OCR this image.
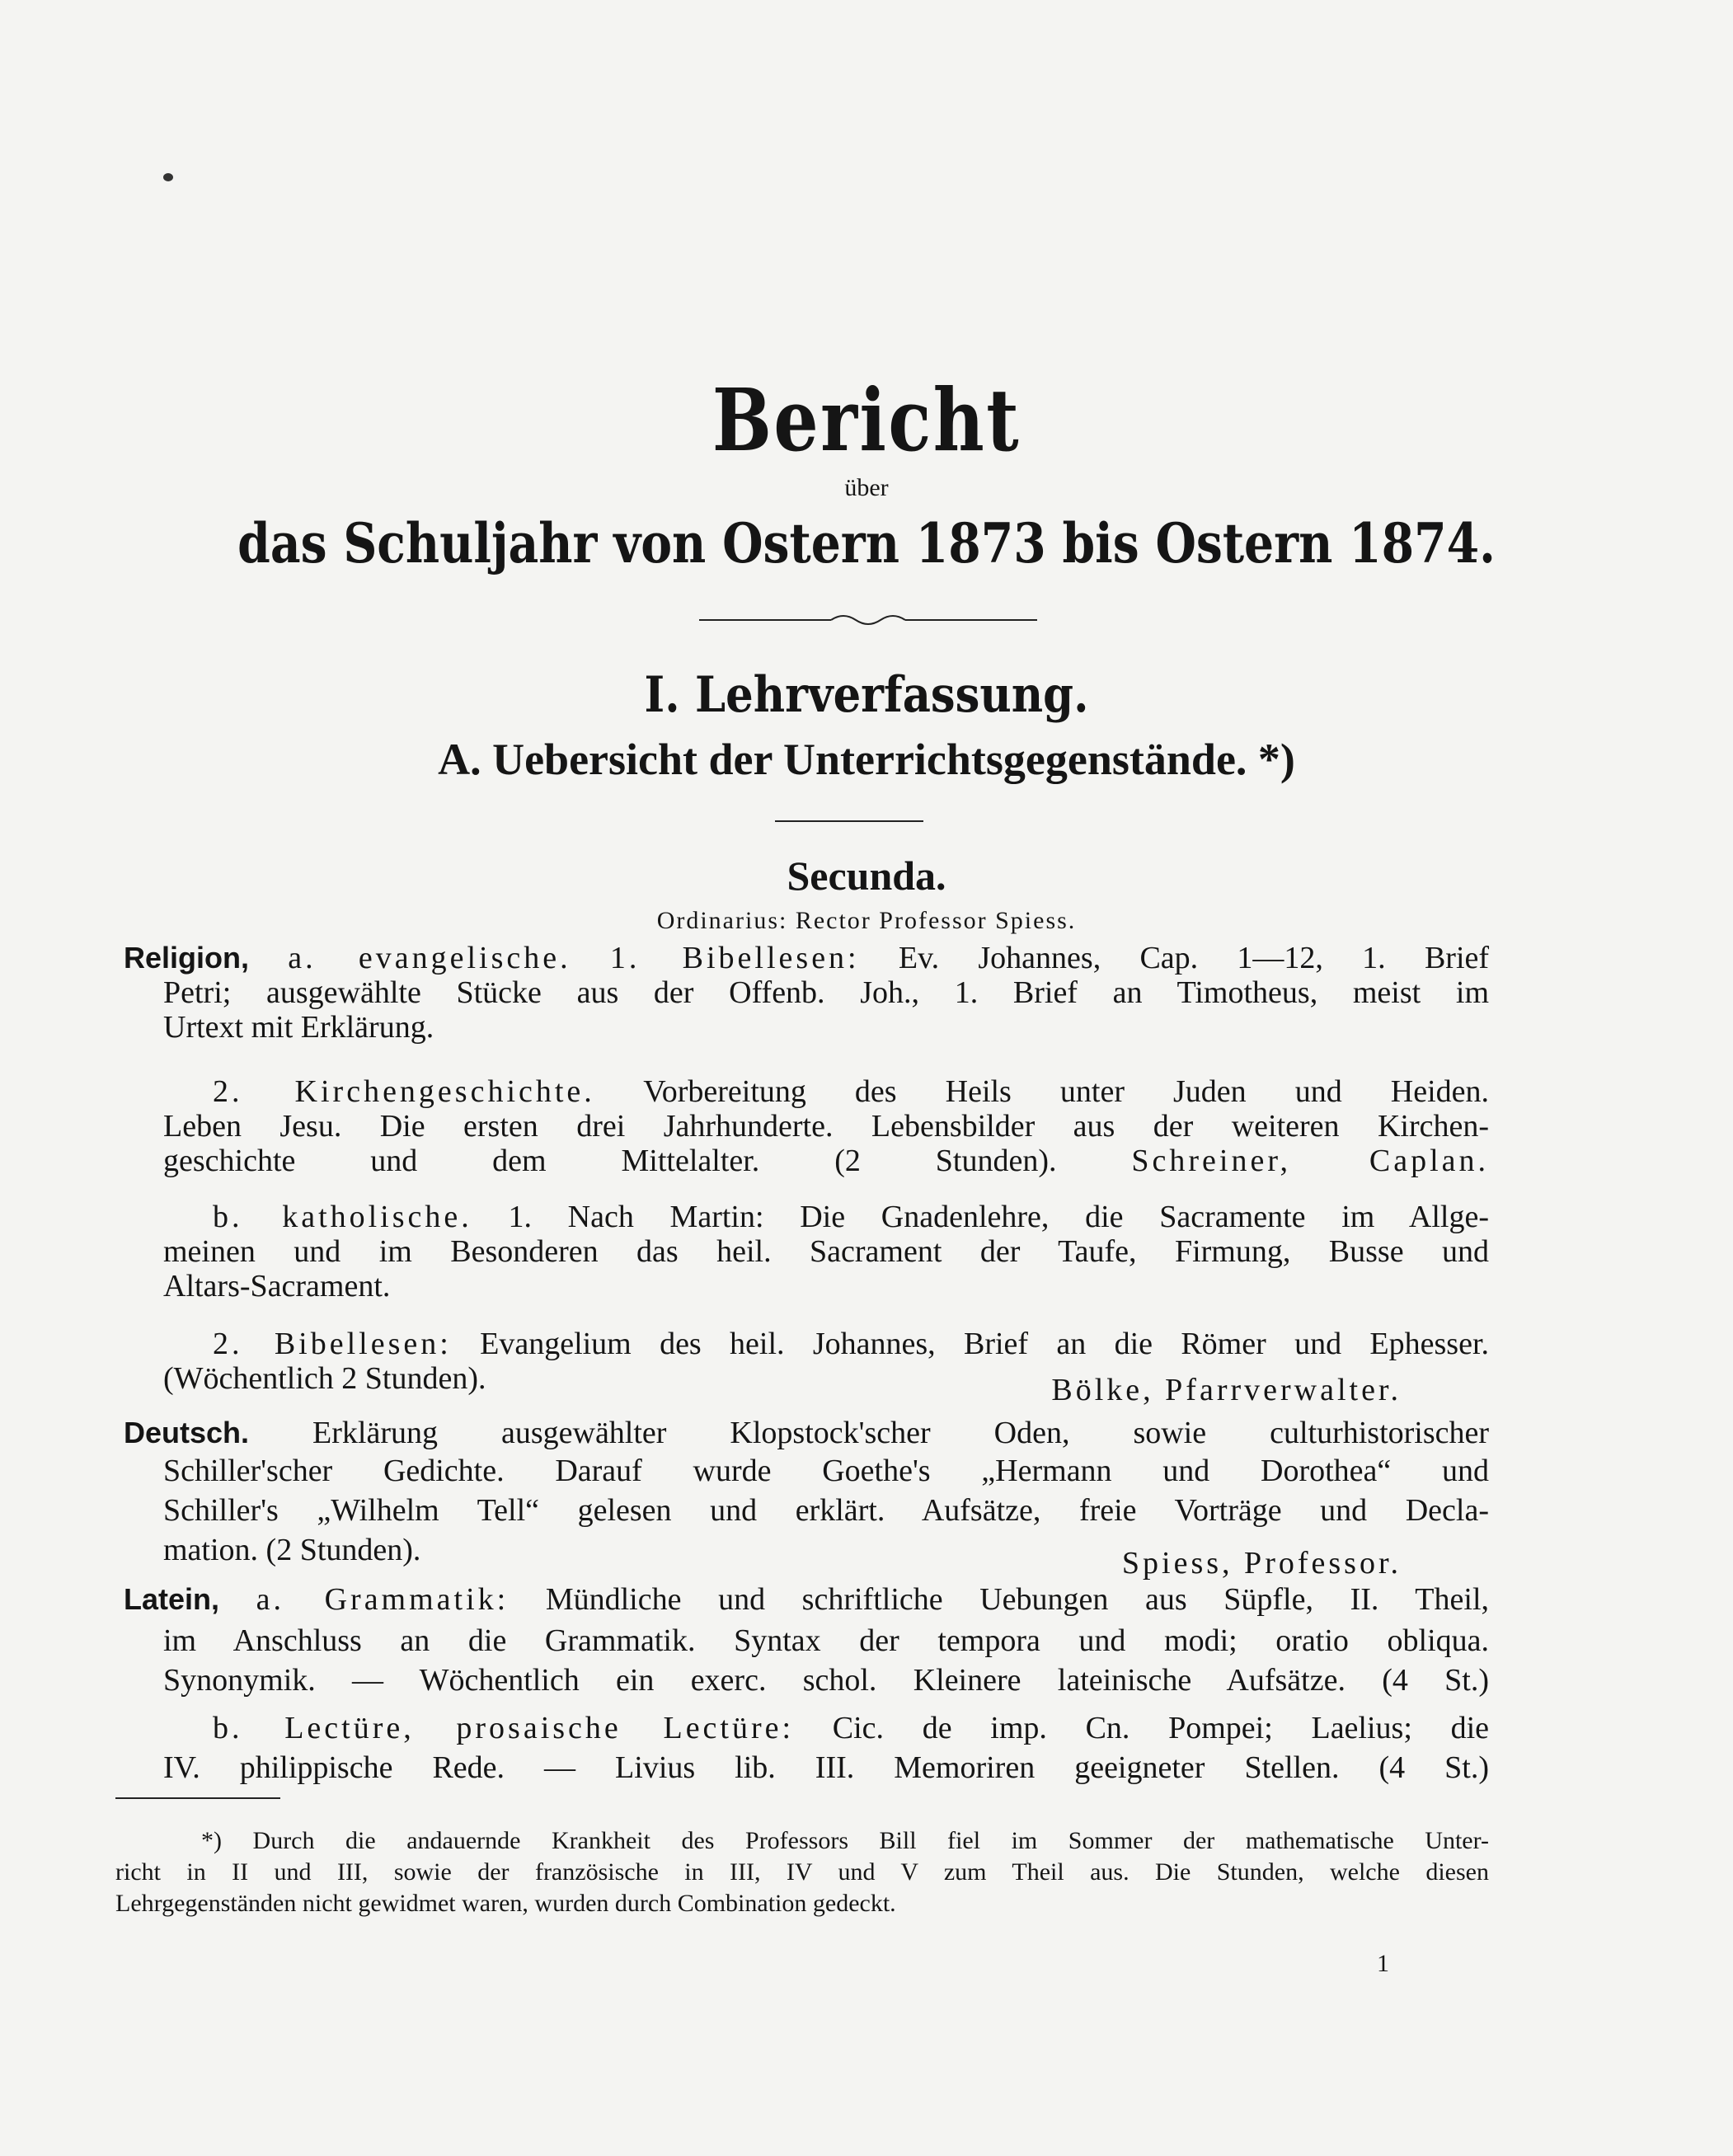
Bericht
über
das Schuljahr von Ostern 1873 bis Ostern 1874.
I. Lehrverfassung.
A. Uebersicht der Unterrichtsgegenstände. *)
Secunda.
Ordinarius: Rector Professor Spiess.
Religion, a. evangelische. 1. Bibellesen: Ev. Johannes, Cap. 1—12, 1. Brief
Petri; ausgewählte Stücke aus der Offenb. Joh., 1. Brief an Timotheus, meist im
Urtext mit Erklärung.
2. Kirchengeschichte. Vorbereitung des Heils unter Juden und Heiden.
Leben Jesu. Die ersten drei Jahrhunderte. Lebensbilder aus der weiteren Kirchen-
geschichte und dem Mittelalter. (2 Stunden). Schreiner, Caplan.
b. katholische. 1. Nach Martin: Die Gnadenlehre, die Sacramente im Allge-
meinen und im Besonderen das heil. Sacrament der Taufe, Firmung, Busse und
Altars-Sacrament.
2. Bibellesen: Evangelium des heil. Johannes, Brief an die Römer und Ephesser.
(Wöchentlich 2 Stunden).	Bölke, Pfarrverwalter.
Deutsch. Erklärung ausgewählter Klopstock'scher Oden, sowie culturhistorischer
Schiller'scher Gedichte. Darauf wurde Goethe's „Hermann und Dorothea“ und
Schiller's „Wilhelm Tell“ gelesen und erklärt. Aufsätze, freie Vorträge und Decla-
mation. (2 Stunden).	Spiess, Professor.
Latein, a. Grammatik: Mündliche und schriftliche Uebungen aus Süpfle, II. Theil,
im Anschluss an die Grammatik. Syntax der tempora und modi; oratio obliqua.
Synonymik. — Wöchentlich ein exerc. schol. Kleinere lateinische Aufsätze. (4 St.)
b. Lectüre, prosaische Lectüre: Cic. de imp. Cn. Pompei; Laelius; die
IV. philippische Rede. — Livius lib. III. Memoriren geeigneter Stellen. (4 St.)
*) Durch die andauernde Krankheit des Professors Bill fiel im Sommer der mathematische Unter-
richt in II und III, sowie der französische in III, IV und V zum Theil aus. Die Stunden, welche diesen
Lehrgegenständen nicht gewidmet waren, wurden durch Combination gedeckt.
1
